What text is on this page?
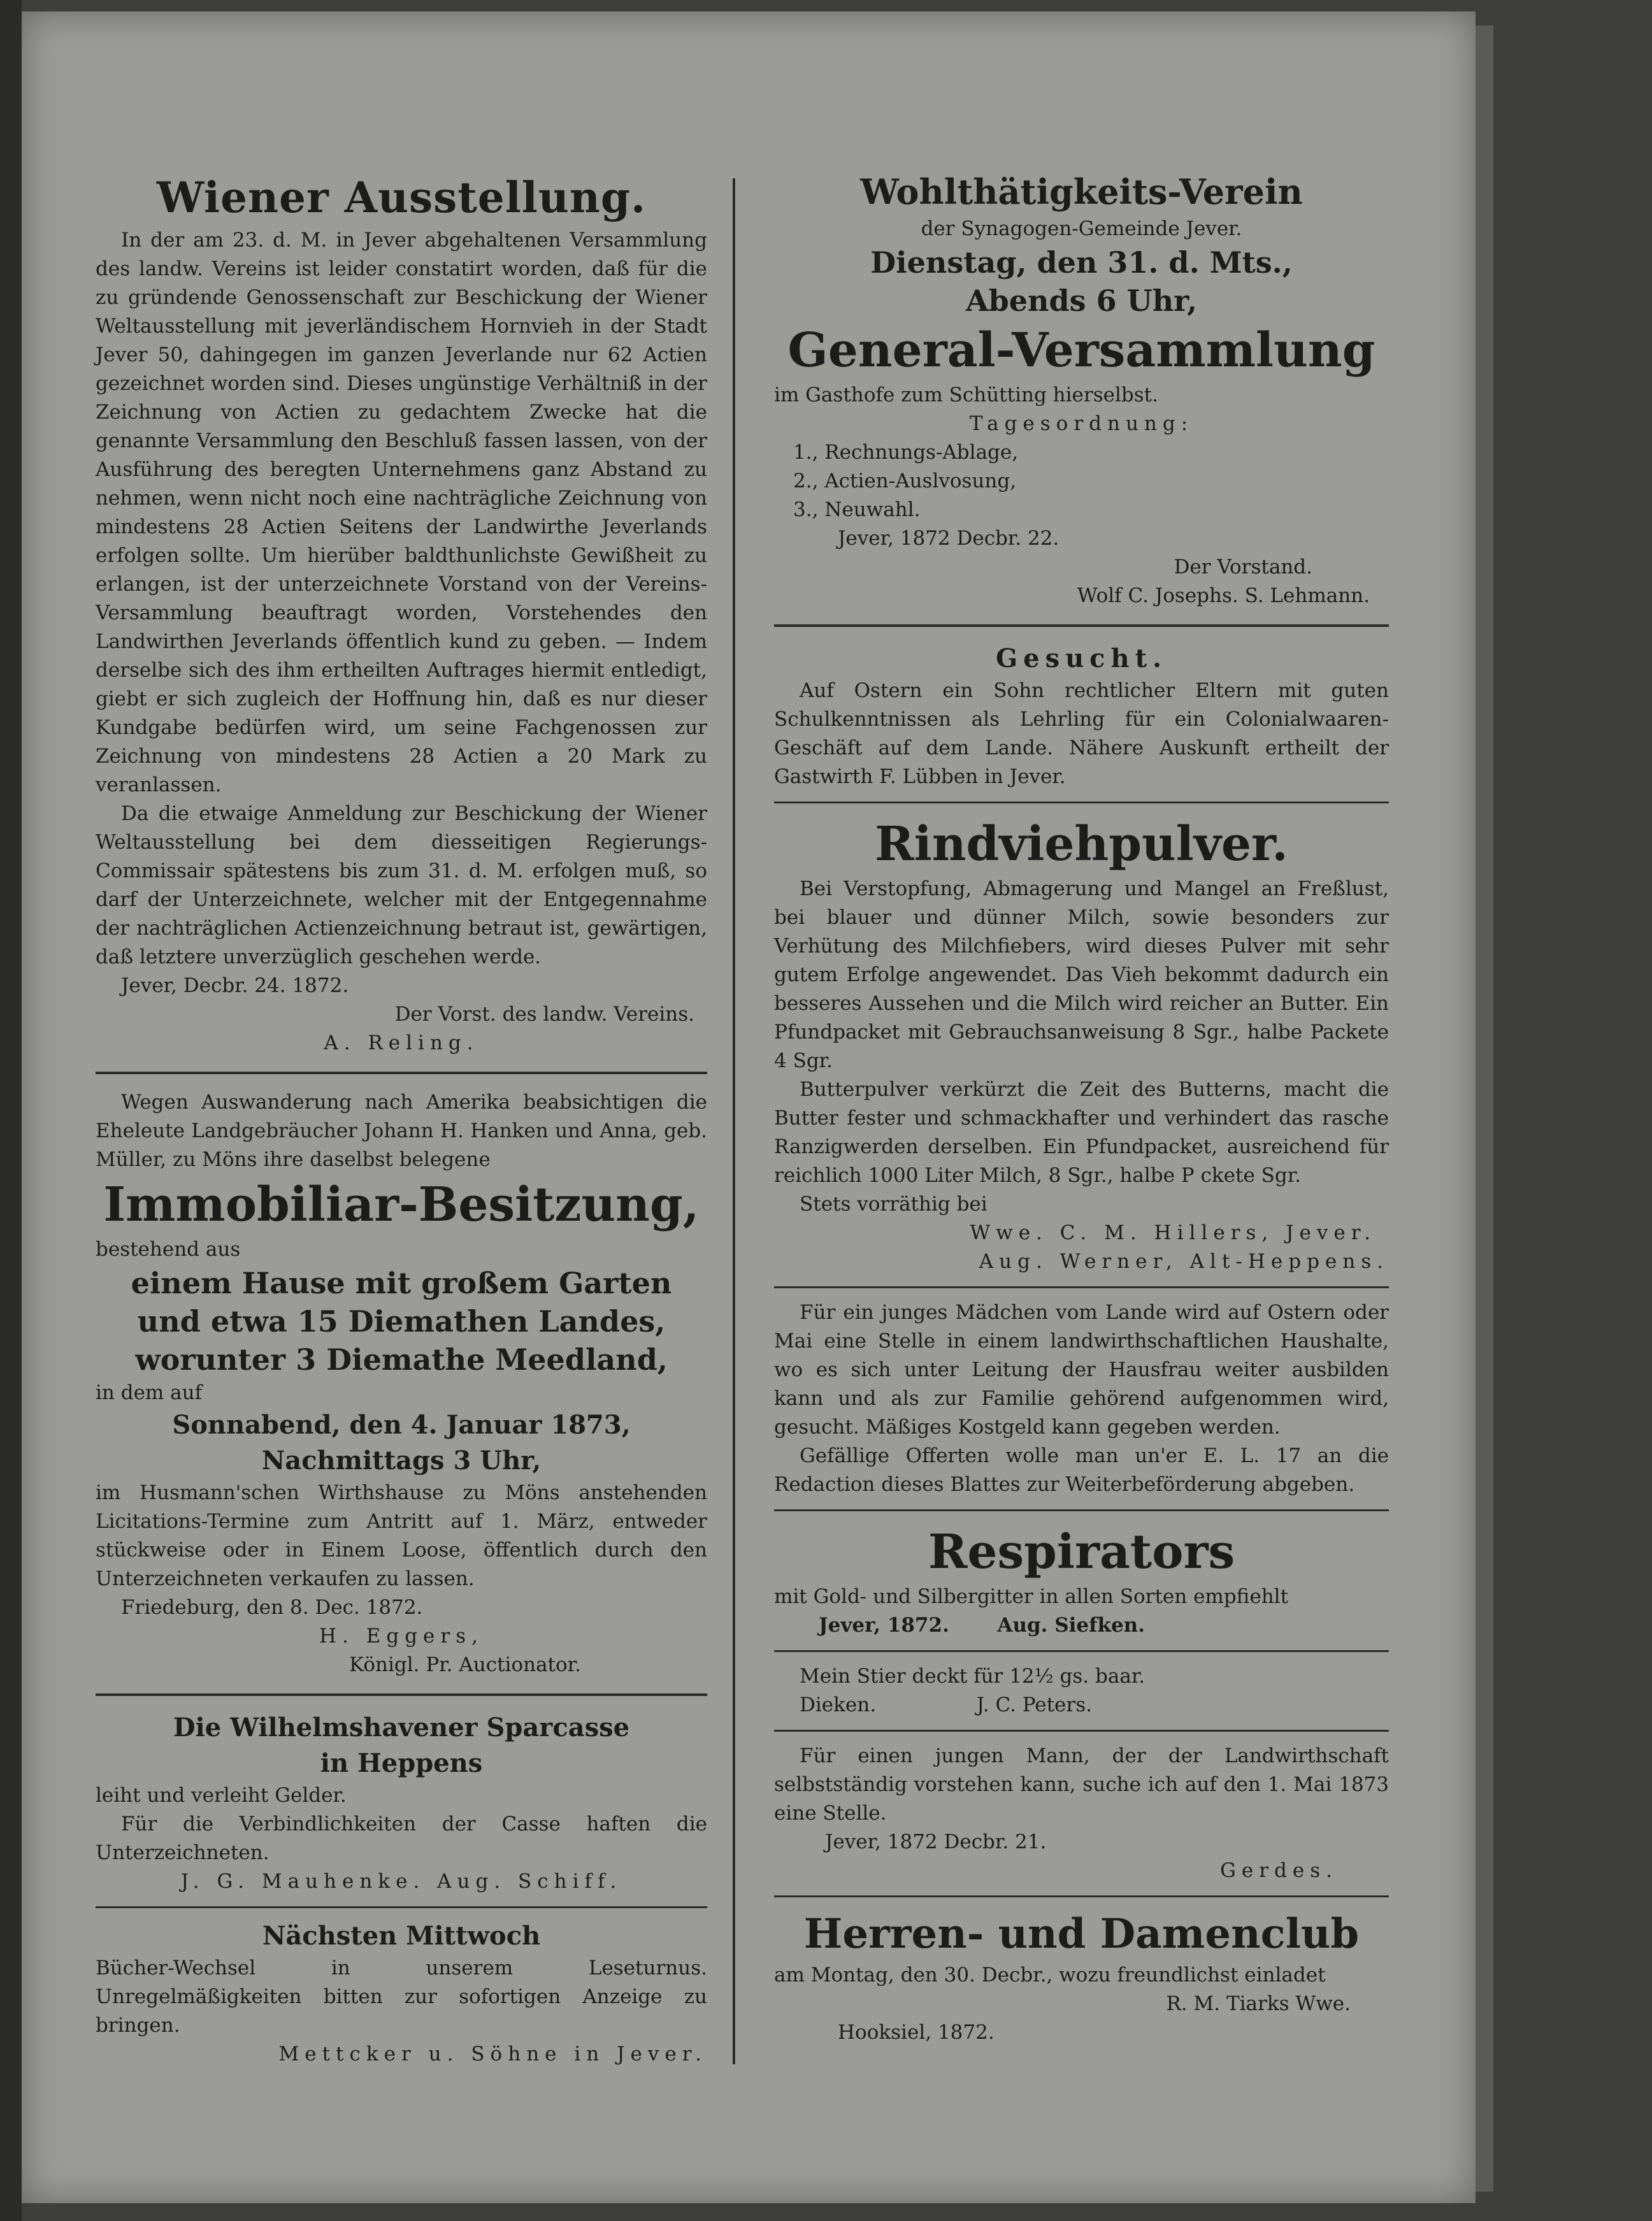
Wiener Ausstellung.

In der am 23. d. M. in Jever abgehaltenen Versammlung des landw. Vereins ist leider constatirt worden, daß für die zu gründende Genossenschaft zur Beschickung der Wiener Weltausstellung mit jeverländischem Hornvieh in der Stadt Jever 50, dahingegen im ganzen Jeverlande nur 62 Actien gezeichnet worden sind. Dieses ungünstige Verhältniß in der Zeichnung von Actien zu gedachtem Zwecke hat die genannte Versammlung den Beschluß fassen lassen, von der Ausführung des beregten Unternehmens ganz Abstand zu nehmen, wenn nicht noch eine nachträgliche Zeichnung von mindestens 28 Actien Seitens der Landwirthe Jeverlands erfolgen sollte. Um hierüber baldthunlichste Gewißheit zu erlangen, ist der unterzeichnete Vorstand von der Vereins-Versammlung beauftragt worden, Vorstehendes den Landwirthen Jeverlands öffentlich kund zu geben. — Indem derselbe sich des ihm ertheilten Auftrages hiermit entledigt, giebt er sich zugleich der Hoffnung hin, daß es nur dieser Kundgabe bedürfen wird, um seine Fachgenossen zur Zeichnung von mindestens 28 Actien a 20 Mark zu veranlassen.

Da die etwaige Anmeldung zur Beschickung der Wiener Weltausstellung bei dem diesseitigen Regierungs-Commissair spätestens bis zum 31. d. M. erfolgen muß, so darf der Unterzeichnete, welcher mit der Entgegennahme der nachträglichen Actienzeichnung betraut ist, gewärtigen, daß letztere unverzüglich geschehen werde.

Jever, Decbr. 24. 1872.

Der Vorst. des landw. Vereins.

A. Reling.

Wegen Auswanderung nach Amerika beabsichtigen die Eheleute Landgebräucher Johann H. Hanken und Anna, geb. Müller, zu Möns ihre daselbst belegene

Immobiliar-Besitzung,

bestehend aus

einem Hause mit großem Garten

und etwa 15 Diemathen Landes,

worunter 3 Diemathe Meedland,

in dem auf

Sonnabend, den 4. Januar 1873,

Nachmittags 3 Uhr,

im Husmann'schen Wirthshause zu Möns anstehenden Licitations-Termine zum Antritt auf 1. März, entweder stückweise oder in Einem Loose, öffentlich durch den Unterzeichneten verkaufen zu lassen.

Friedeburg, den 8. Dec. 1872.

H. Eggers,

Königl. Pr. Auctionator.

Die Wilhelmshavener Sparcasse

in Heppens

leiht und verleiht Gelder.

Für die Verbindlichkeiten der Casse haften die Unterzeichneten.

J. G. Mauhenke. Aug. Schiff.

Nächsten Mittwoch

Bücher-Wechsel in unserem Leseturnus. Unregelmäßigkeiten bitten zur sofortigen Anzeige zu bringen.

Mettcker u. Söhne in Jever.

Wohlthätigkeits-Verein

der Synagogen-Gemeinde Jever.

Dienstag, den 31. d. Mts.,

Abends 6 Uhr,

General-Versammlung

im Gasthofe zum Schütting hierselbst.

Tagesordnung:

1., Rechnungs-Ablage,

2., Actien-Auslvosung,

3., Neuwahl.

Jever, 1872 Decbr. 22.

Der Vorstand.

Wolf C. Josephs. S. Lehmann.

Gesucht.

Auf Ostern ein Sohn rechtlicher Eltern mit guten Schulkenntnissen als Lehrling für ein Colonialwaaren-Geschäft auf dem Lande. Nähere Auskunft ertheilt der Gastwirth F. Lübben in Jever.

Rindviehpulver.

Bei Verstopfung, Abmagerung und Mangel an Freßlust, bei blauer und dünner Milch, sowie besonders zur Verhütung des Milchfiebers, wird dieses Pulver mit sehr gutem Erfolge angewendet. Das Vieh bekommt dadurch ein besseres Aussehen und die Milch wird reicher an Butter. Ein Pfundpacket mit Gebrauchsanweisung 8 Sgr., halbe Packete 4 Sgr.

Butterpulver verkürzt die Zeit des Butterns, macht die Butter fester und schmackhafter und verhindert das rasche Ranzigwerden derselben. Ein Pfundpacket, ausreichend für reichlich 1000 Liter Milch, 8 Sgr., halbe P ckete Sgr.

Stets vorräthig bei

Wwe. C. M. Hillers, Jever.

Aug. Werner, Alt-Heppens.

Für ein junges Mädchen vom Lande wird auf Ostern oder Mai eine Stelle in einem landwirthschaftlichen Haushalte, wo es sich unter Leitung der Hausfrau weiter ausbilden kann und als zur Familie gehörend aufgenommen wird, gesucht. Mäßiges Kostgeld kann gegeben werden.

Gefällige Offerten wolle man un'er E. L. 17 an die Redaction dieses Blattes zur Weiterbeförderung abgeben.

Respirators

mit Gold- und Silbergitter in allen Sorten empfiehlt

Jever, 1872.       Aug. Siefken.

Mein Stier deckt für 12½ gs. baar.

Dieken.                J. C. Peters.

Für einen jungen Mann, der der Landwirthschaft selbstständig vorstehen kann, suche ich auf den 1. Mai 1873 eine Stelle.

Jever, 1872 Decbr. 21.

Gerdes.

Herren- und Damenclub

am Montag, den 30. Decbr., wozu freundlichst einladet

R. M. Tiarks Wwe.

Hooksiel, 1872.
